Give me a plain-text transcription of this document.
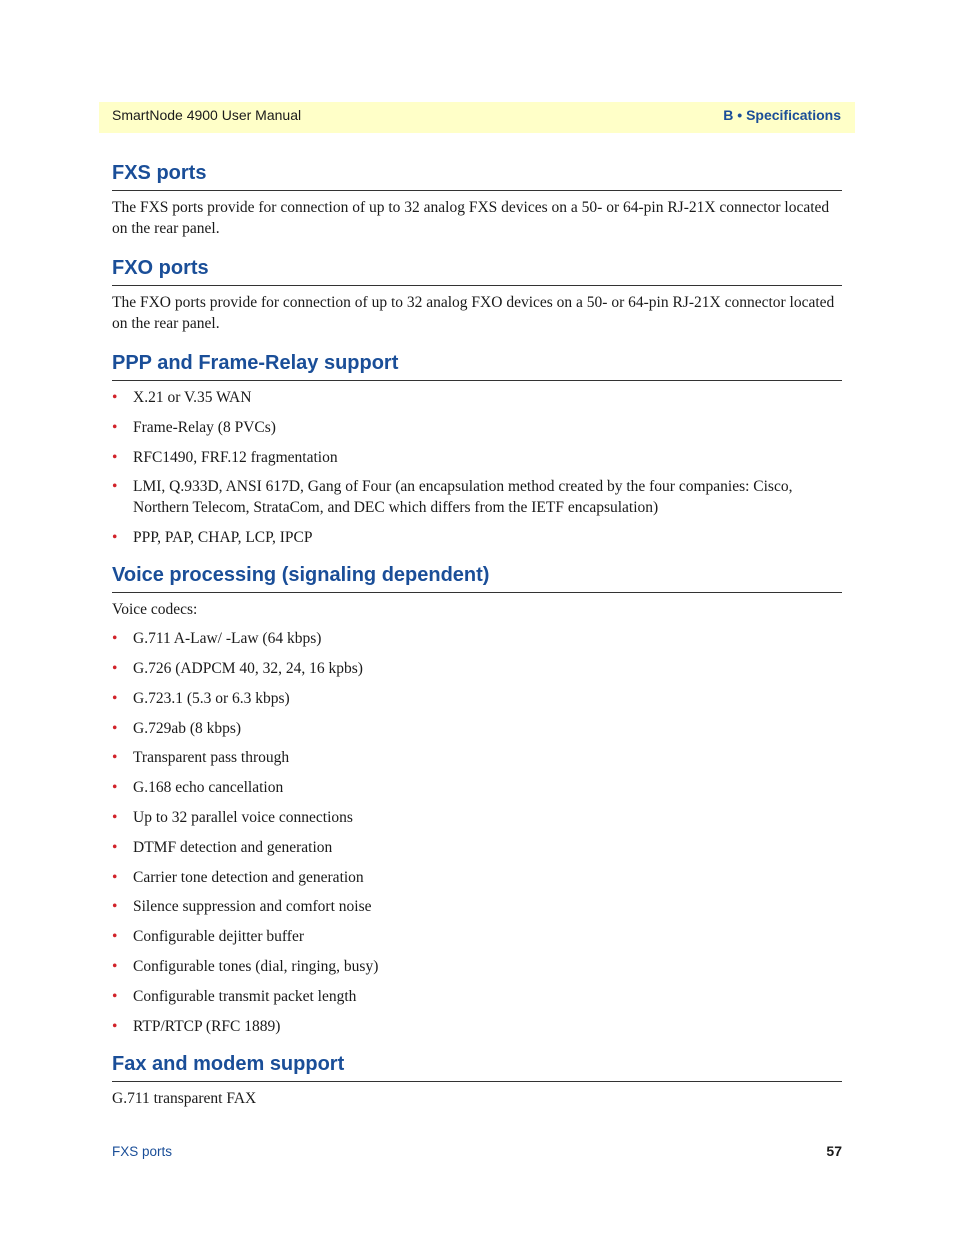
SmartNode 4900 User Manual	B • Specifications
FXS ports

The FXS ports provide for connection of up to 32 analog FXS devices on a 50- or 64-pin RJ-21X connector located on the rear panel.

FXO ports

The FXO ports provide for connection of up to 32 analog FXO devices on a 50- or 64-pin RJ-21X connector located on the rear panel.

PPP and Frame-Relay support
• X.21 or V.35 WAN
• Frame-Relay (8 PVCs)
• RFC1490, FRF.12 fragmentation
• LMI, Q.933D, ANSI 617D, Gang of Four (an encapsulation method created by the four companies: Cisco, Northern Telecom, StrataCom, and DEC which differs from the IETF encapsulation)
• PPP, PAP, CHAP, LCP, IPCP
Voice processing (signaling dependent)

Voice codecs:

• G.711 A-Law/ -Law (64 kbps)
• G.726 (ADPCM 40, 32, 24, 16 kpbs)
• G.723.1 (5.3 or 6.3 kbps)
• G.729ab (8 kbps)
• Transparent pass through
• G.168 echo cancellation
• Up to 32 parallel voice connections
• DTMF detection and generation
• Carrier tone detection and generation
• Silence suppression and comfort noise
• Configurable dejitter buffer
• Configurable tones (dial, ringing, busy)
• Configurable transmit packet length
• RTP/RTCP (RFC 1889)
Fax and modem support

G.711 transparent FAX

FXS ports	57
